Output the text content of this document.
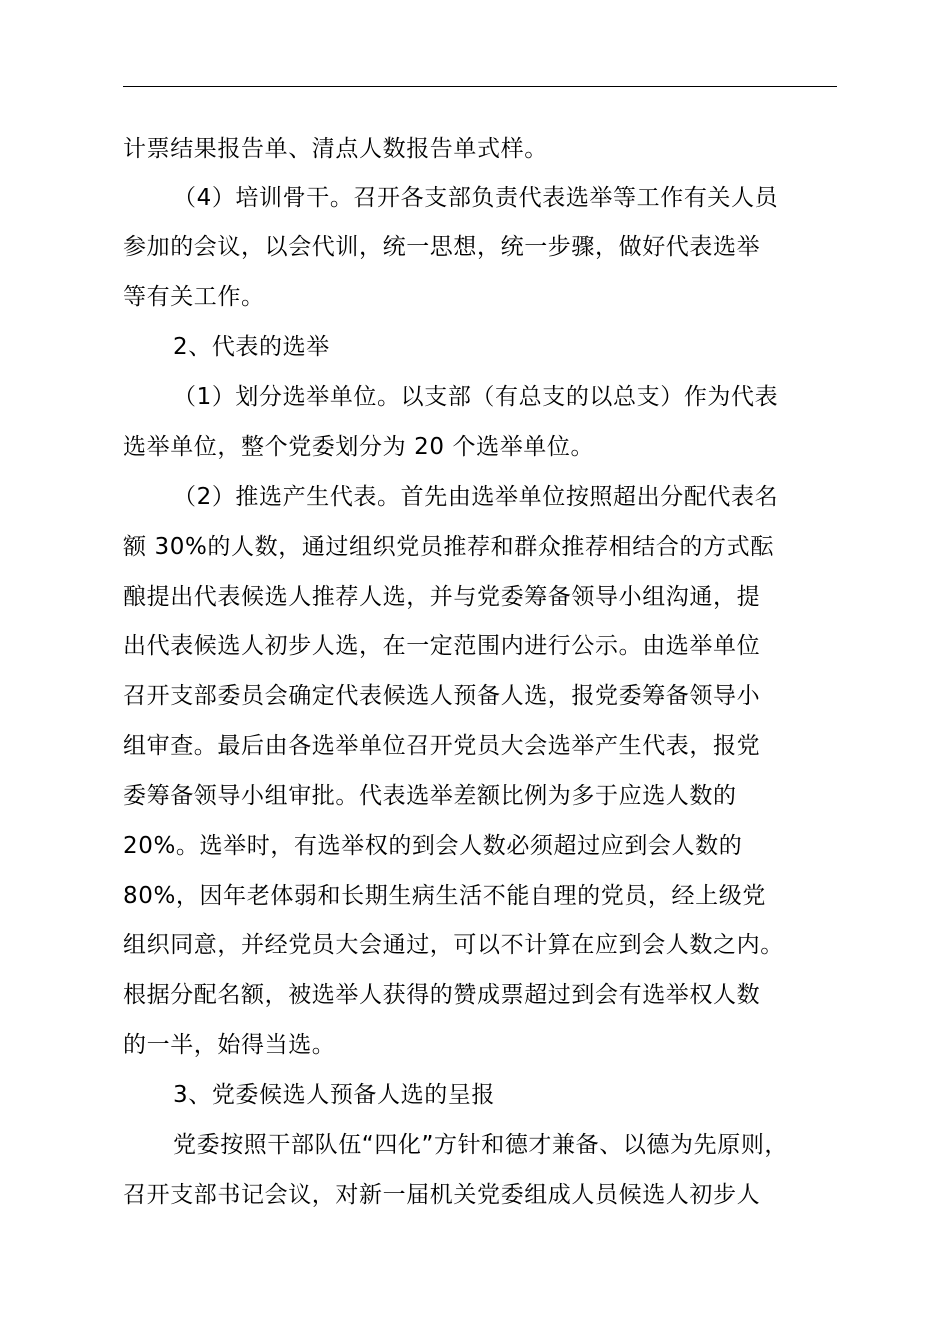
计票结果报告单、清点人数报告单式样。
（4）培训骨干。召开各支部负责代表选举等工作有关人员
参加的会议，以会代训，统一思想，统一步骤，做好代表选举
等有关工作。
2、代表的选举
（1）划分选举单位。以支部（有总支的以总支）作为代表
选举单位，整个党委划分为 20 个选举单位。
（2）推选产生代表。首先由选举单位按照超出分配代表名
额 30%的人数，通过组织党员推荐和群众推荐相结合的方式酝
酿提出代表候选人推荐人选，并与党委筹备领导小组沟通，提
出代表候选人初步人选，在一定范围内进行公示。由选举单位
召开支部委员会确定代表候选人预备人选，报党委筹备领导小
组审查。最后由各选举单位召开党员大会选举产生代表，报党
委筹备领导小组审批。代表选举差额比例为多于应选人数的
20%。选举时，有选举权的到会人数必须超过应到会人数的
80%，因年老体弱和长期生病生活不能自理的党员，经上级党
组织同意，并经党员大会通过，可以不计算在应到会人数之内。
根据分配名额，被选举人获得的赞成票超过到会有选举权人数
的一半，始得当选。
3、党委候选人预备人选的呈报
党委按照干部队伍“四化”方针和德才兼备、以德为先原则，
召开支部书记会议，对新一届机关党委组成人员候选人初步人
